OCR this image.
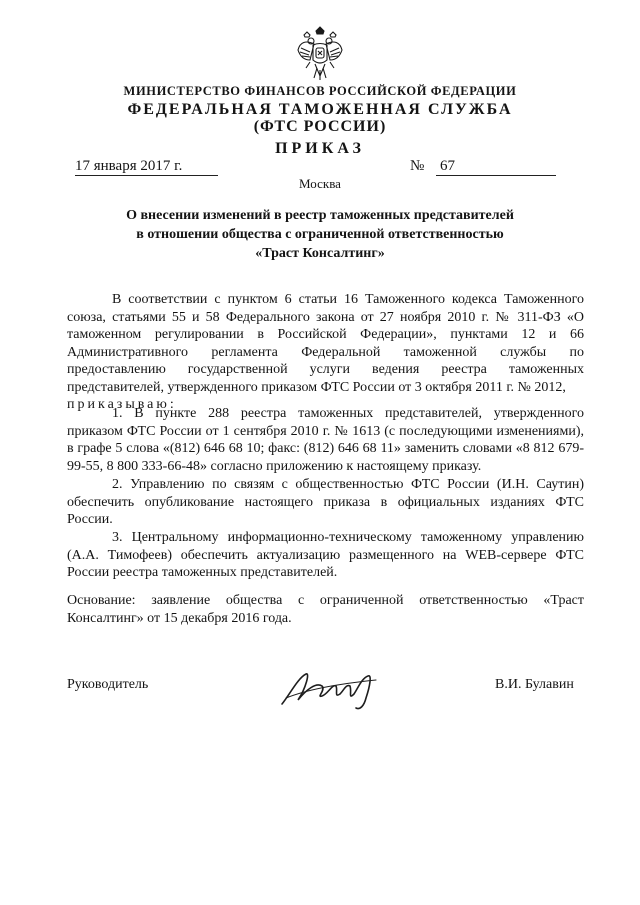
МИНИСТЕРСТВО ФИНАНСОВ РОССИЙСКОЙ ФЕДЕРАЦИИ
ФЕДЕРАЛЬНАЯ ТАМОЖЕННАЯ СЛУЖБА
(ФТС РОССИИ)
ПРИКАЗ
17 января 2017 г.	№ 67
Москва
О внесении изменений в реестр таможенных представителей
в отношении общества с ограниченной ответственностью
«Траст Консалтинг»

В соответствии с пунктом 6 статьи 16 Таможенного кодекса Таможенного союза, статьями 55 и 58 Федерального закона от 27 ноября 2010 г. № 311-ФЗ «О таможенном регулировании в Российской Федерации», пунктами 12 и 66 Административного регламента Федеральной таможенной службы по предоставлению государственной услуги ведения реестра таможенных представителей, утвержденного приказом ФТС России от 3 октября 2011 г. № 2012,

приказываю:

1. В пункте 288 реестра таможенных представителей, утвержденного приказом ФТС России от 1 сентября 2010 г. № 1613 (с последующими изменениями), в графе 5 слова «(812) 646 68 10; факс: (812) 646 68 11» заменить словами «8 812 679-99-55, 8 800 333-66-48» согласно приложению к настоящему приказу.

2. Управлению по связям с общественностью ФТС России (И.Н. Саутин) обеспечить опубликование настоящего приказа в официальных изданиях ФТС России.

3. Центральному информационно-техническому таможенному управлению (А.А. Тимофеев) обеспечить актуализацию размещенного на WEB-сервере ФТС России реестра таможенных представителей.

Основание: заявление общества с ограниченной ответственностью «Траст Консалтинг» от 15 декабря 2016 года.

Руководитель	В.И. Булавин
